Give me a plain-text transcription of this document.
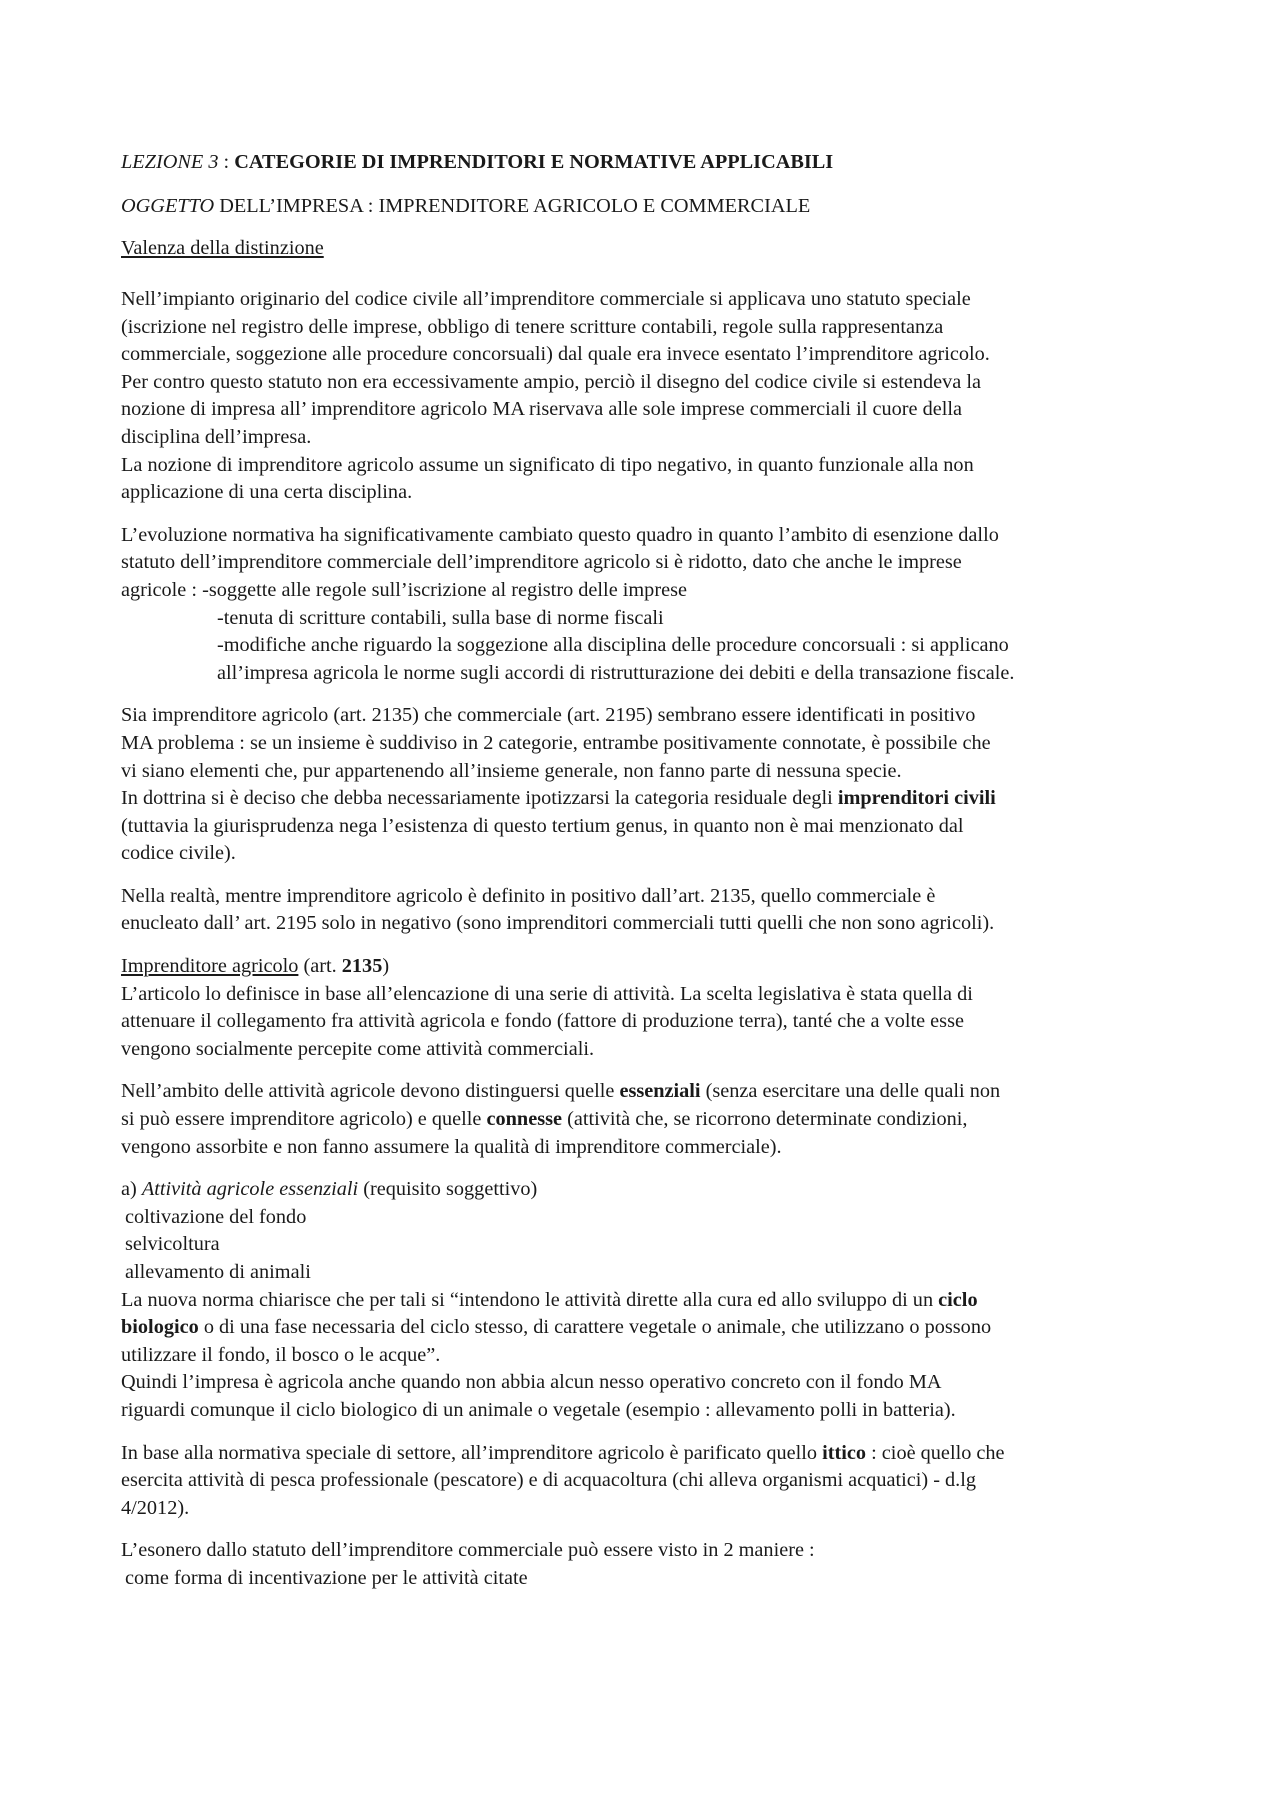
LEZIONE 3 : CATEGORIE DI IMPRENDITORI E NORMATIVE APPLICABILI

OGGETTO DELL’IMPRESA : IMPRENDITORE AGRICOLO E COMMERCIALE

Valenza della distinzione

Nell’impianto originario del codice civile all’imprenditore commerciale si applicava uno statuto speciale

(iscrizione nel registro delle imprese, obbligo di tenere scritture contabili, regole sulla rappresentanza

commerciale, soggezione alle procedure concorsuali) dal quale era invece esentato l’imprenditore agricolo.

Per contro questo statuto non era eccessivamente ampio, perciò il disegno del codice civile si estendeva la

nozione di impresa all’ imprenditore agricolo MA riservava alle sole imprese commerciali il cuore della

disciplina dell’impresa.

La nozione di imprenditore agricolo assume un significato di tipo negativo, in quanto funzionale alla non

applicazione di una certa disciplina.

L’evoluzione normativa ha significativamente cambiato questo quadro in quanto l’ambito di esenzione dallo

statuto dell’imprenditore commerciale dell’imprenditore agricolo si è ridotto, dato che anche le imprese

agricole : -soggette alle regole sull’iscrizione al registro delle imprese

-tenuta di scritture contabili, sulla base di norme fiscali

-modifiche anche riguardo la soggezione alla disciplina delle procedure concorsuali : si applicano

all’impresa agricola le norme sugli accordi di ristrutturazione dei debiti e della transazione fiscale.

Sia imprenditore agricolo (art. 2135) che commerciale (art. 2195) sembrano essere identificati in positivo

MA problema : se un insieme è suddiviso in 2 categorie, entrambe positivamente connotate, è possibile che

vi siano elementi che, pur appartenendo all’insieme generale, non fanno parte di nessuna specie.

In dottrina si è deciso che debba necessariamente ipotizzarsi la categoria residuale degli imprenditori civili

(tuttavia la giurisprudenza nega l’esistenza di questo tertium genus, in quanto non è mai menzionato dal

codice civile).

Nella realtà, mentre imprenditore agricolo è definito in positivo dall’art. 2135, quello commerciale è

enucleato dall’ art. 2195 solo in negativo (sono imprenditori commerciali tutti quelli che non sono agricoli).

Imprenditore agricolo (art. 2135)

L’articolo lo definisce in base all’elencazione di una serie di attività. La scelta legislativa è stata quella di

attenuare il collegamento fra attività agricola e fondo (fattore di produzione terra), tanté che a volte esse

vengono socialmente percepite come attività commerciali.

Nell’ambito delle attività agricole devono distinguersi quelle essenziali (senza esercitare una delle quali non

si può essere imprenditore agricolo) e quelle connesse (attività che, se ricorrono determinate condizioni,

vengono assorbite e non fanno assumere la qualità di imprenditore commerciale).

a) Attività agricole essenziali (requisito soggettivo)

coltivazione del fondo

selvicoltura

allevamento di animali

La nuova norma chiarisce che per tali si “intendono le attività dirette alla cura ed allo sviluppo di un ciclo

biologico o di una fase necessaria del ciclo stesso, di carattere vegetale o animale, che utilizzano o possono

utilizzare il fondo, il bosco o le acque”.

Quindi l’impresa è agricola anche quando non abbia alcun nesso operativo concreto con il fondo MA

riguardi comunque il ciclo biologico di un animale o vegetale (esempio : allevamento polli in batteria).

In base alla normativa speciale di settore, all’imprenditore agricolo è parificato quello ittico : cioè quello che

esercita attività di pesca professionale (pescatore) e di acquacoltura (chi alleva organismi acquatici) - d.lg

4/2012).

L’esonero dallo statuto dell’imprenditore commerciale può essere visto in 2 maniere :

come forma di incentivazione per le attività citate
